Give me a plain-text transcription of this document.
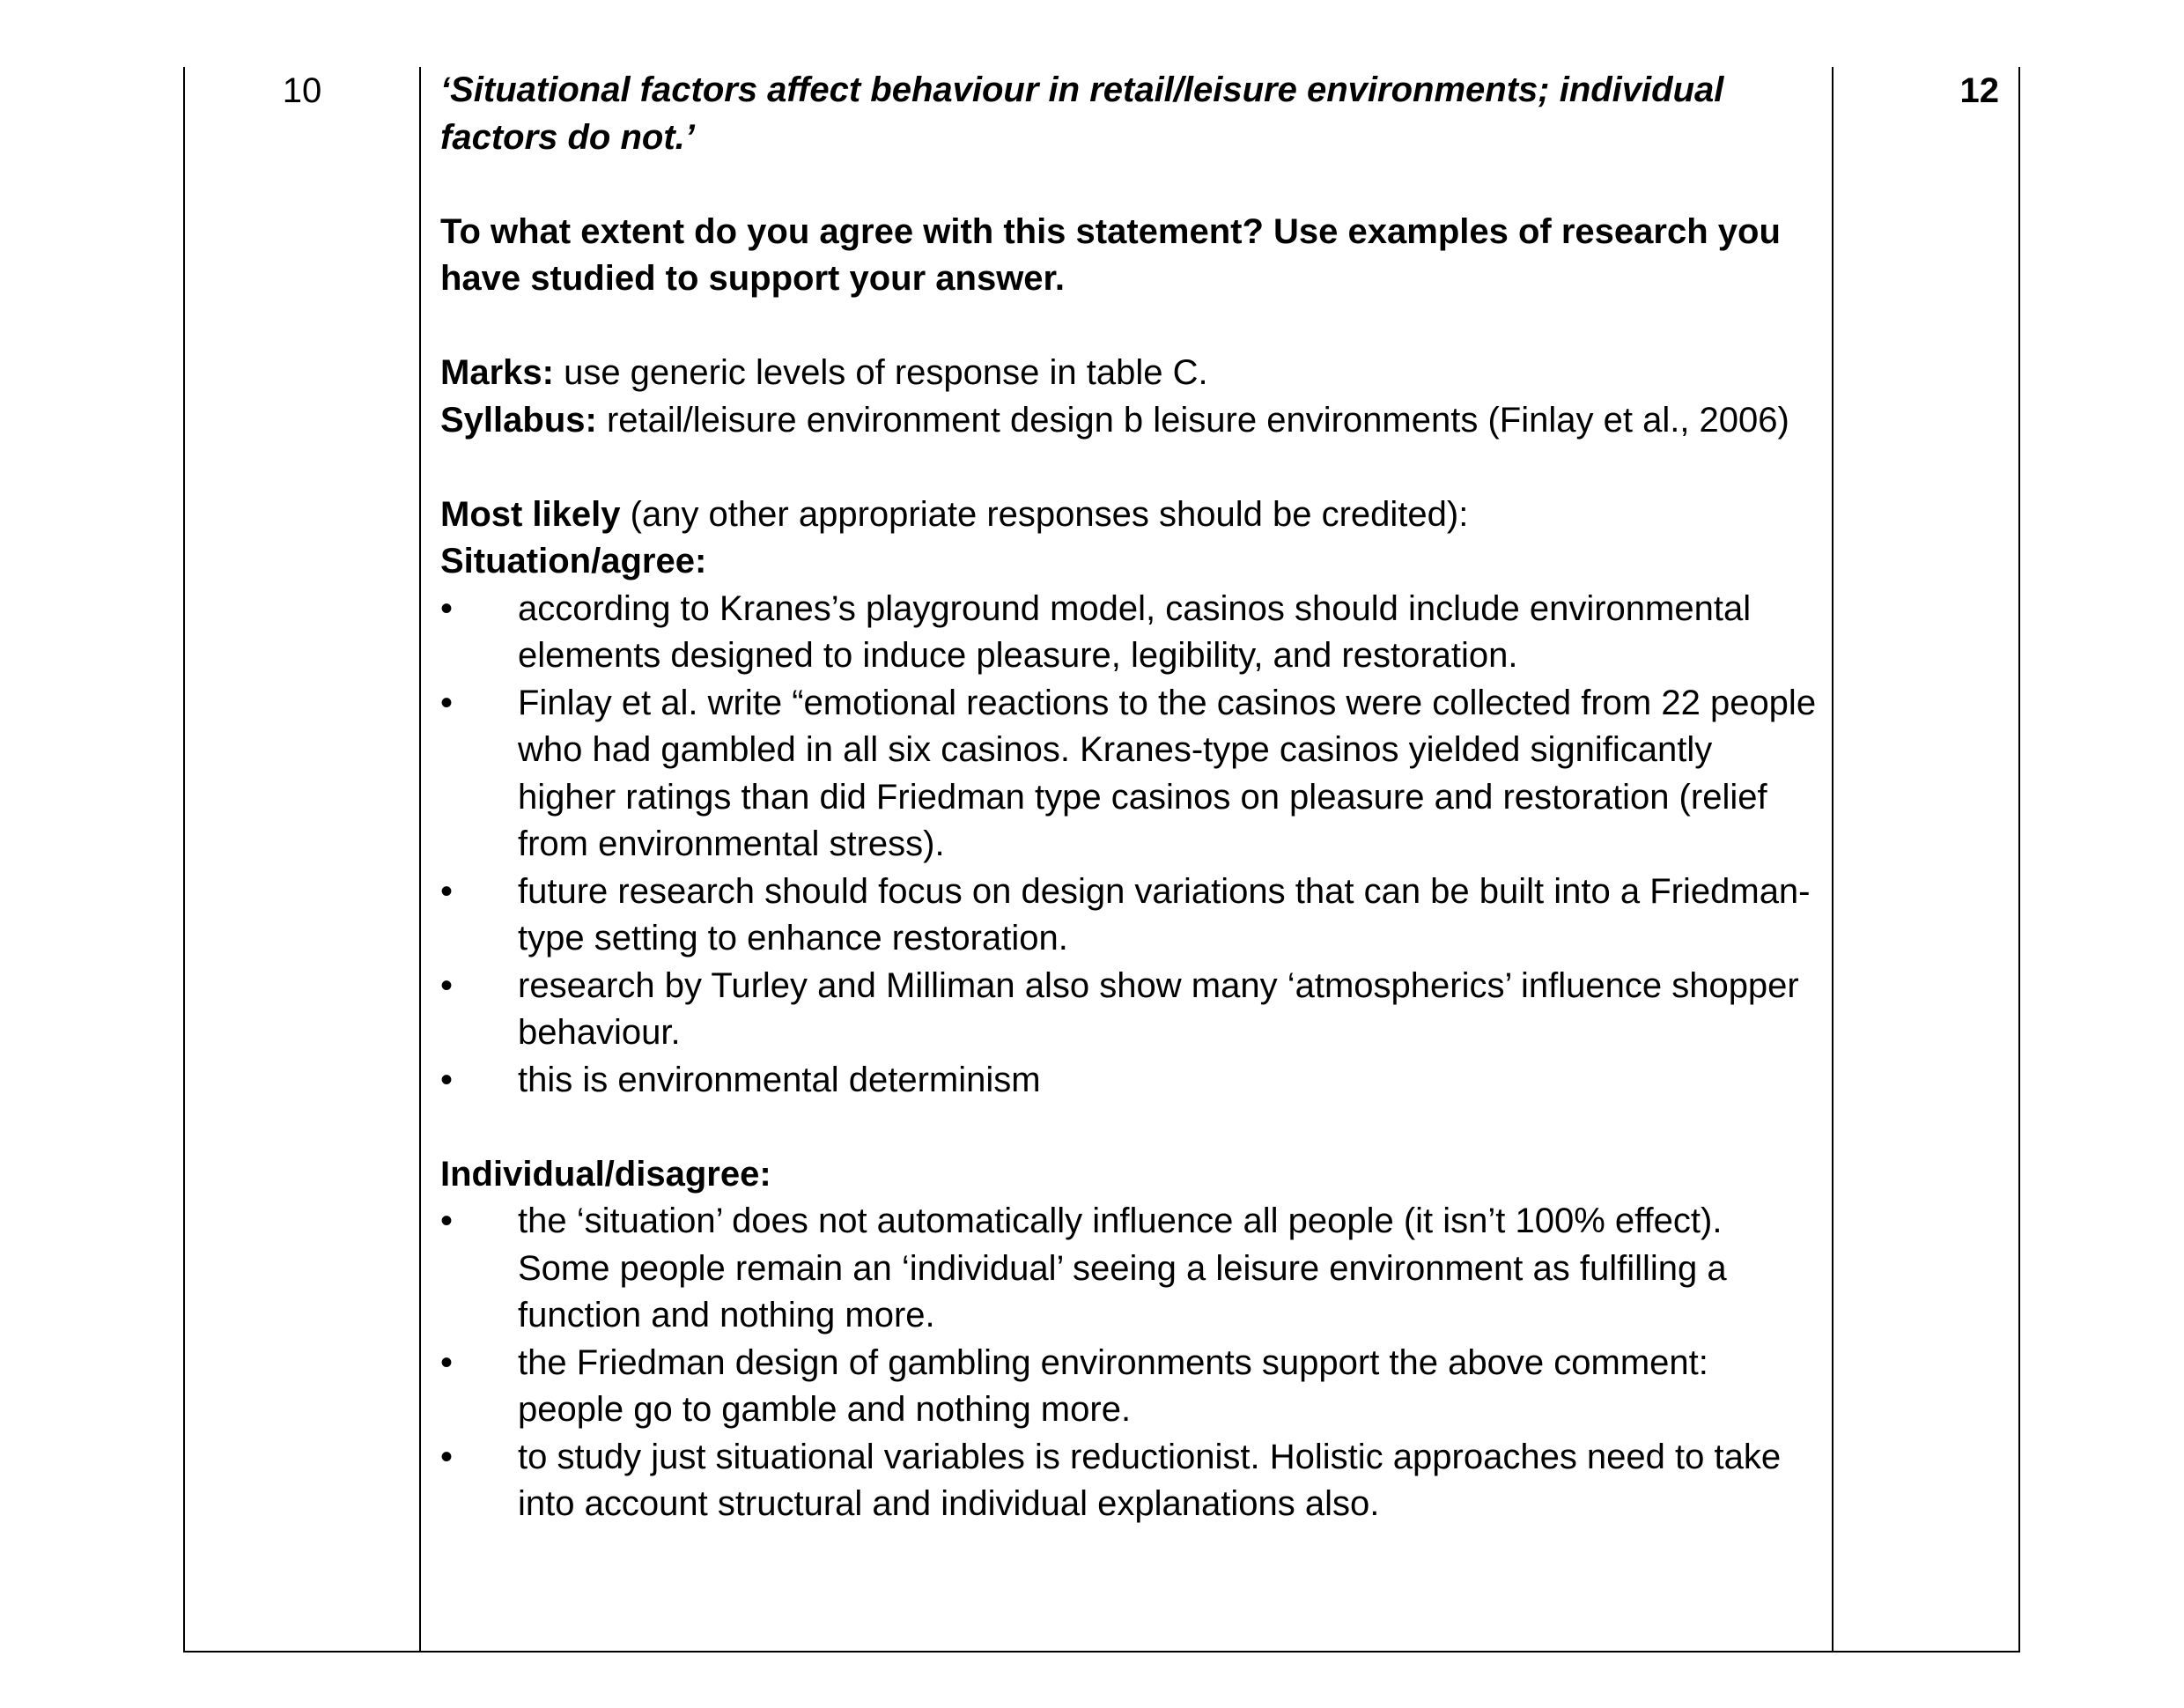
10	‘Situational factors affect behaviour in retail/leisure environments; individual factors do not.’

To what extent do you agree with this statement? Use examples of research you have studied to support your answer.

Marks: use generic levels of response in table C.

Syllabus: retail/leisure environment design b leisure environments (Finlay et al., 2006)

Most likely (any other appropriate responses should be credited):

Situation/agree:

• according to Kranes’s playground model, casinos should include environmental elements designed to induce pleasure, legibility, and restoration.
• Finlay et al. write “emotional reactions to the casinos were collected from 22 people who had gambled in all six casinos. Kranes-type casinos yielded significantly higher ratings than did Friedman type casinos on pleasure and restoration (relief from environmental stress).
• future research should focus on design variations that can be built into a Friedman-type setting to enhance restoration.
• research by Turley and Milliman also show many ‘atmospherics’ influence shopper behaviour.
• this is environmental determinism

Individual/disagree:

• the ‘situation’ does not automatically influence all people (it isn’t 100% effect). Some people remain an ‘individual’ seeing a leisure environment as fulfilling a function and nothing more.
• the Friedman design of gambling environments support the above comment: people go to gamble and nothing more.
• to study just situational variables is reductionist. Holistic approaches need to take into account structural and individual explanations also.
12
